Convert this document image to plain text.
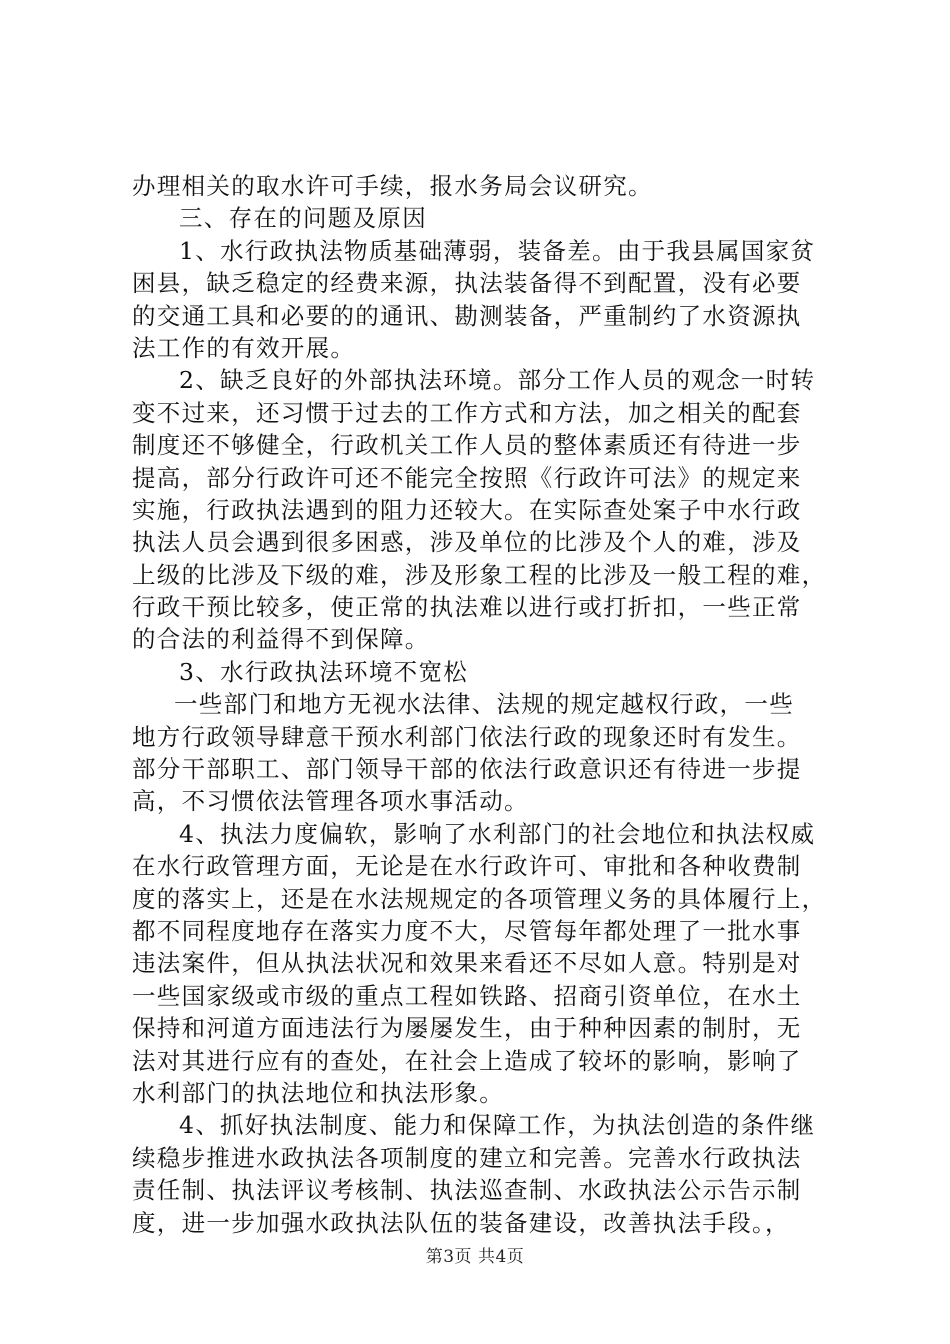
办理相关的取水许可手续，报水务局会议研究。
三、存在的问题及原因
1、水行政执法物质基础薄弱，装备差。由于我县属国家贫
困县，缺乏稳定的经费来源，执法装备得不到配置，没有必要
的交通工具和必要的的通讯、勘测装备，严重制约了水资源执
法工作的有效开展。
2、缺乏良好的外部执法环境。部分工作人员的观念一时转
变不过来，还习惯于过去的工作方式和方法，加之相关的配套
制度还不够健全，行政机关工作人员的整体素质还有待进一步
提高，部分行政许可还不能完全按照《行政许可法》的规定来
实施，行政执法遇到的阻力还较大。在实际查处案子中水行政
执法人员会遇到很多困惑，涉及单位的比涉及个人的难，涉及
上级的比涉及下级的难，涉及形象工程的比涉及一般工程的难，
行政干预比较多，使正常的执法难以进行或打折扣，一些正常
的合法的利益得不到保障。
3、水行政执法环境不宽松
一些部门和地方无视水法律、法规的规定越权行政，一些
地方行政领导肆意干预水利部门依法行政的现象还时有发生。
部分干部职工、部门领导干部的依法行政意识还有待进一步提
高，不习惯依法管理各项水事活动。
4、执法力度偏软，影响了水利部门的社会地位和执法权威
在水行政管理方面，无论是在水行政许可、审批和各种收费制
度的落实上，还是在水法规规定的各项管理义务的具体履行上，
都不同程度地存在落实力度不大，尽管每年都处理了一批水事
违法案件，但从执法状况和效果来看还不尽如人意。特别是对
一些国家级或市级的重点工程如铁路、招商引资单位，在水土
保持和河道方面违法行为屡屡发生，由于种种因素的制肘，无
法对其进行应有的查处，在社会上造成了较坏的影响，影响了
水利部门的执法地位和执法形象。
4、抓好执法制度、能力和保障工作，为执法创造的条件继
续稳步推进水政执法各项制度的建立和完善。完善水行政执法
责任制、执法评议考核制、执法巡查制、水政执法公示告示制
度，进一步加强水政执法队伍的装备建设，改善执法手段。，
第3页 共4页
